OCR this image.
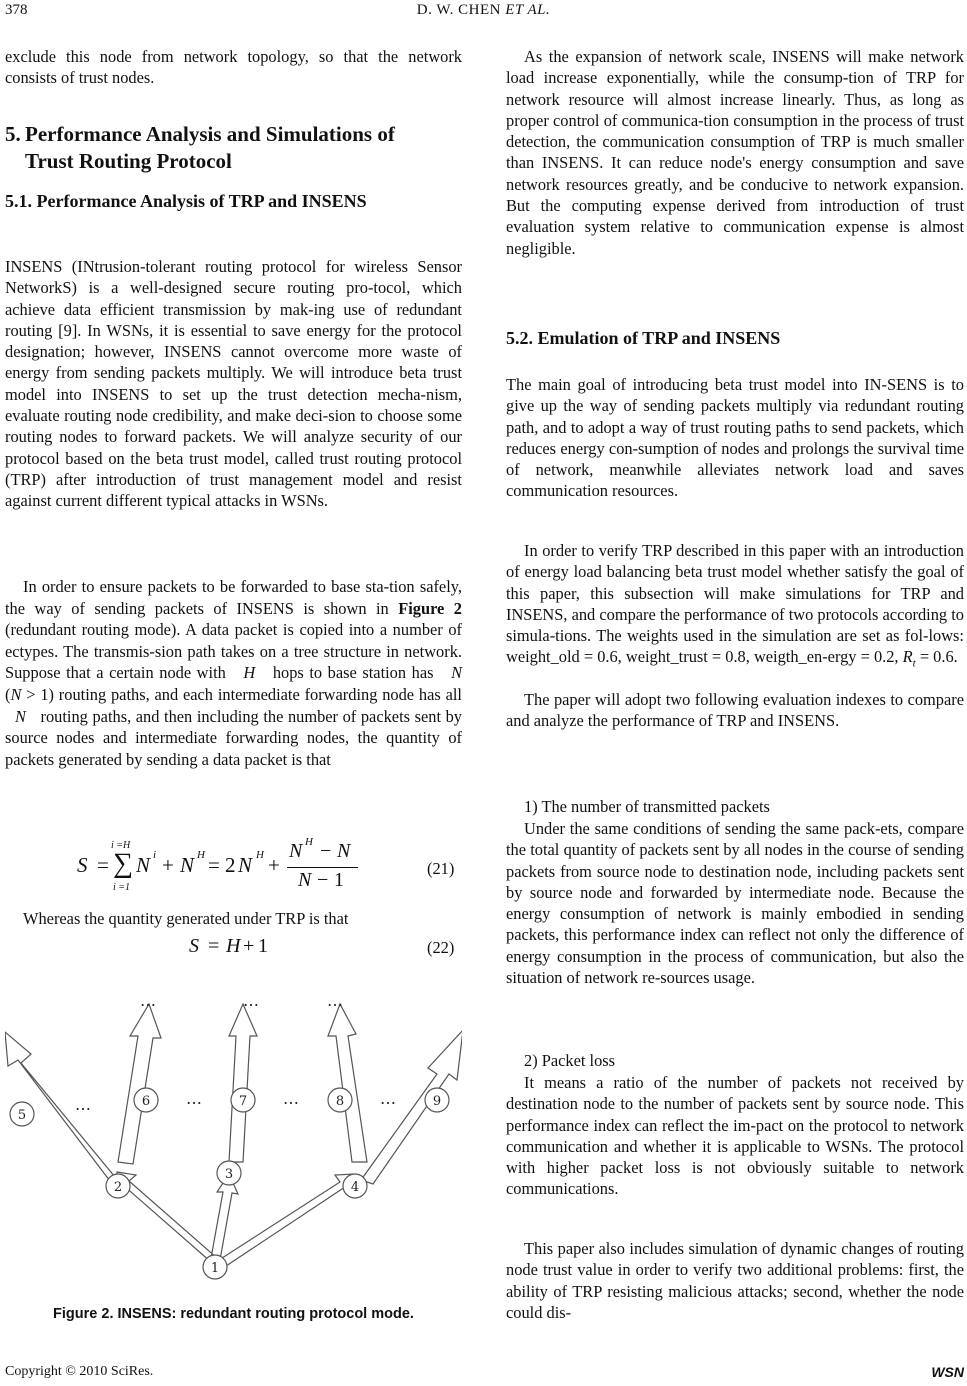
378	D. W. CHEN ET AL.

exclude this node from network topology, so that the network consists of trust nodes.

5. Performance Analysis and Simulations of
Trust Routing Protocol
5.1. Performance Analysis of TRP and INSENS

INSENS (INtrusion-tolerant routing protocol for wireless Sensor NetworkS) is a well-designed secure routing pro-tocol, which achieve data efficient transmission by mak-ing use of redundant routing [9]. In WSNs, it is essential to save energy for the protocol designation; however, INSENS cannot overcome more waste of energy from sending packets multiply. We will introduce beta trust model into INSENS to set up the trust detection mecha-nism, evaluate routing node credibility, and make deci-sion to choose some routing nodes to forward packets. We will analyze security of our protocol based on the beta trust model, called trust routing protocol (TRP) after introduction of trust management model and resist against current different typical attacks in WSNs.

In order to ensure packets to be forwarded to base sta-tion safely, the way of sending packets of INSENS is shown in Figure 2 (redundant routing mode). A data packet is copied into a number of ectypes. The transmis-sion path takes on a tree structure in network. Suppose that a certain node with H hops to base station has N (N > 1) routing paths, and each intermediate forwarding node has all N routing paths, and then including the number of packets sent by source nodes and intermediate forwarding nodes, the quantity of packets generated by sending a data packet is that

S =
i =H
∑
i =1
N i + N H = 2 N H +
N H − N
N − 1
(21)

Whereas the quantity generated under TRP is that

S = H + 1	(22)
1
2
3
4
5
6	7	8	9
…	…	…
…	…	…	…
Figure 2. INSENS: redundant routing protocol mode.

As the expansion of network scale, INSENS will make network load increase exponentially, while the consump-tion of TRP for network resource will almost increase linearly. Thus, as long as proper control of communica-tion consumption in the process of trust detection, the communication consumption of TRP is much smaller than INSENS. It can reduce node's energy consumption and save network resources greatly, and be conducive to network expansion. But the computing expense derived from introduction of trust evaluation system relative to communication expense is almost negligible.

5.2. Emulation of TRP and INSENS

The main goal of introducing beta trust model into IN-SENS is to give up the way of sending packets multiply via redundant routing path, and to adopt a way of trust routing paths to send packets, which reduces energy con-sumption of nodes and prolongs the survival time of network, meanwhile alleviates network load and saves communication resources.

In order to verify TRP described in this paper with an introduction of energy load balancing beta trust model whether satisfy the goal of this paper, this subsection will make simulations for TRP and INSENS, and compare the performance of two protocols according to simula-tions. The weights used in the simulation are set as fol-lows: weight_old = 0.6, weight_trust = 0.8, weigth_en-ergy = 0.2, $R_t = 0.6$.

The paper will adopt two following evaluation indexes to compare and analyze the performance of TRP and INSENS.

1) The number of transmitted packets

Under the same conditions of sending the same pack-ets, compare the total quantity of packets sent by all nodes in the course of sending packets from source node to destination node, including packets sent by source node and forwarded by intermediate node. Because the energy consumption of network is mainly embodied in sending packets, this performance index can reflect not only the difference of energy consumption in the process of communication, but also the situation of network re-sources usage.

2) Packet loss

It means a ratio of the number of packets not received by destination node to the number of packets sent by source node. This performance index can reflect the im-pact on the protocol to network communication and whether it is applicable to WSNs. The protocol with higher packet loss is not obviously suitable to network communications.

This paper also includes simulation of dynamic changes of routing node trust value in order to verify two additional problems: first, the ability of TRP resisting malicious attacks; second, whether the node could dis-

Copyright © 2010 SciRes.	WSN
